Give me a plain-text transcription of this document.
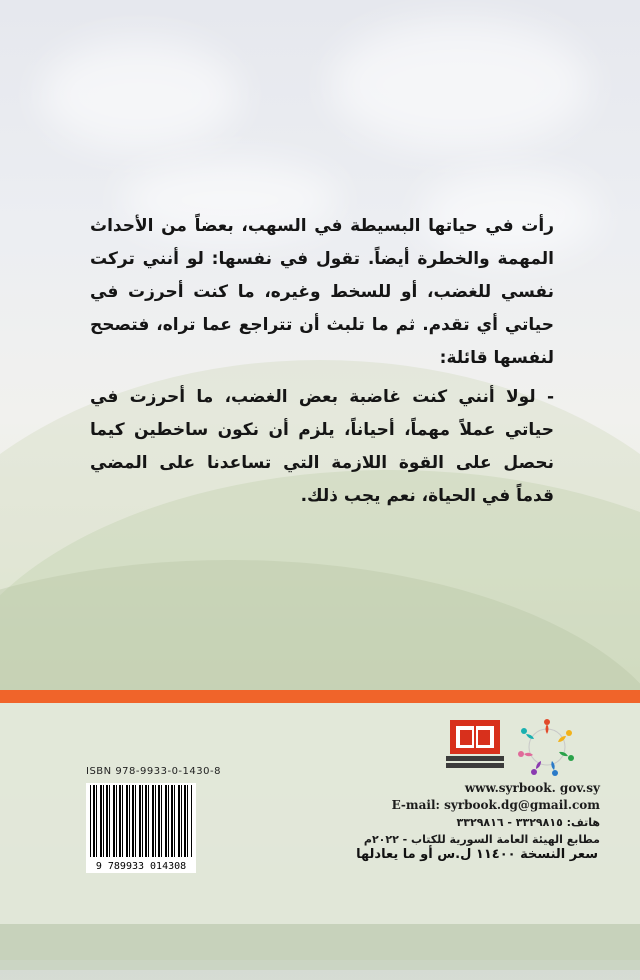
رأت في حياتها البسيطة في السهب، بعضاً من الأحداث المهمة والخطرة أيضاً. تقول في نفسها: لو أنني تركت نفسي للغضب، أو للسخط وغيره، ما كنت أحرزت في حياتي أي تقدم. ثم ما تلبث أن تتراجع عما تراه، فتصحح لنفسها قائلة:

- لولا أنني كنت غاضبة بعض الغضب، ما أحرزت في حياتي عملاً مهماً، أحياناً، يلزم أن نكون ساخطين كيما نحصل على القوة اللازمة التي تساعدنا على المضي قدماً في الحياة، نعم يجب ذلك.

ISBN 978-9933-0-1430-8
9 789933 014308
www.syrbook. gov.sy
E-mail: syrbook.dg@gmail.com
هاتف: ٣٣٢٩٨١٥ - ٣٣٢٩٨١٦
مطابع الهيئة العامة السورية للكتاب - ٢٠٢٢م
سعر النسخة ١١٤٠٠ ل.س أو ما يعادلها
